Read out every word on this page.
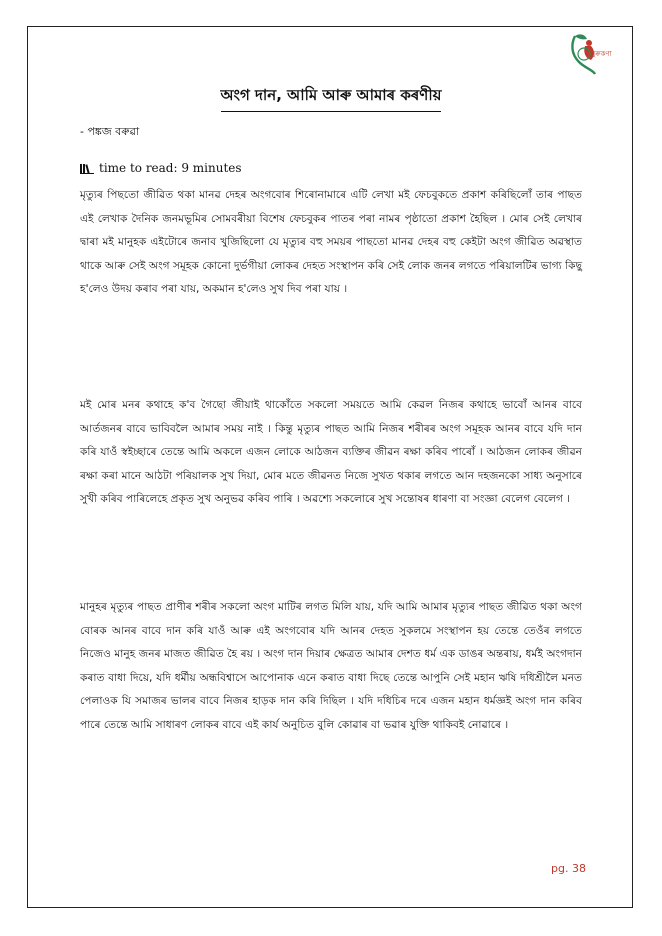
নুৰুকণা
অংগ দান, আমি আৰু আমাৰ কৰণীয়
- পঙ্কজ বৰুৱা
time to read: 9 minutes

মৃত্যুৰ পিছতো জীৱিত থকা মানৱ দেহৰ অংগবোৰ শিৰোনামাৰে এটি লেখা মই ফেচবুকতে প্ৰকাশ কৰিছিলোঁ তাৰ পাছত এই লেখাক দৈনিক জনমভূমিৰ সোমবৰীয়া বিশেষ ফেচবুকৰ পাতৰ পৰা নামৰ পৃষ্ঠাতো প্ৰকাশ হৈছিল । মোৰ সেই লেখাৰ দ্বাৰা মই মানুহক এইটোৰে জনাব খুজিছিলো যে মৃত্যুৰ বহু সময়ৰ পাছতো মানৱ দেহৰ বহু কেইটা অংগ জীৱিত অৱস্থাত থাকে আৰু সেই অংগ সমূহক কোনো দুৰ্ভগীয়া লোকৰ দেহত সংস্থাপন কৰি সেই লোক জনৰ লগতে পৰিয়ালটিৰ ভাগ্য কিছু হ'লেও উদয় কৰাব পৰা যায়, অকমান হ'লেও সুখ দিব পৰা যায় ।

মই মোৰ মনৰ কথাহে ক'ব গৈছো জীয়াই থাকোঁতে সকলো সময়তে আমি কেৱল নিজৰ কথাহে ভাবোঁ আনৰ বাবে আৰ্তজনৰ বাবে ভাবিবলৈ আমাৰ সময় নাই । কিন্তু মৃত্যুৰ পাছত আমি নিজৰ শৰীৰৰ অংগ সমূহক আনৰ বাবে যদি দান কৰি যাওঁ স্বইচ্ছাৰে তেন্তে আমি অকলে এজন লোকে আঠজন ব্যক্তিৰ জীৱন ৰক্ষা কৰিব পাৰোঁ । আঠজন লোকৰ জীৱন ৰক্ষা কৰা মানে আঠটা পৰিয়ালক সুখ দিয়া, মোৰ মতে জীৱনত নিজে সুখত থকাৰ লগতে আন দহজনকো সাধ্য অনুসাৰে সুখী কৰিব পাৰিলেহে প্ৰকৃত সুখ অনুভৱ কৰিব পাৰি । অৱশ্যে সকলোৰে সুখ সন্তোষৰ ধাৰণা বা সংজ্ঞা বেলেগ বেলেগ ।

মানুহৰ মৃত্যুৰ পাছত প্ৰাণীৰ শৰীৰ সকলো অংগ মাটিৰ লগত মিলি যায়, যদি আমি আমাৰ মৃত্যুৰ পাছত জীৱিত থকা অংগ বোৰক আনৰ বাবে দান কৰি যাওঁ আৰু এই অংগবোৰ যদি আনৰ দেহত সুকলমে সংস্থাপন হয় তেন্তে তেওঁৰ লগতে নিজেও মানুহ জনৰ মাজত জীৱিত হৈ ৰয় । অংগ দান দিয়াৰ ক্ষেত্ৰত আমাৰ দেশত ধৰ্ম এক ডাঙৰ অন্তৰায়, ধৰ্মই অংগদান কৰাত বাধা দিয়ে, যদি ধৰ্মীয় অন্ধবিশ্বাসে আপোনাক এনে কৰাত বাধা দিছে তেন্তে আপুনি সেই মহান ঋষি দধিশ্ৰীলৈ মনত পেলাওক যি সমাজৰ ভালৰ বাবে নিজৰ হাড়ক দান কৰি দিছিল । যদি দধিচিৰ দৰে এজন মহান ধৰ্মজ্ঞই অংগ দান কৰিব পাৰে তেন্তে আমি সাধাৰণ লোকৰ বাবে এই কাৰ্য অনুচিত বুলি কোৱাৰ বা ভৱাৰ যুক্তি থাকিবই নোৱাৰে ।

pg. 38
